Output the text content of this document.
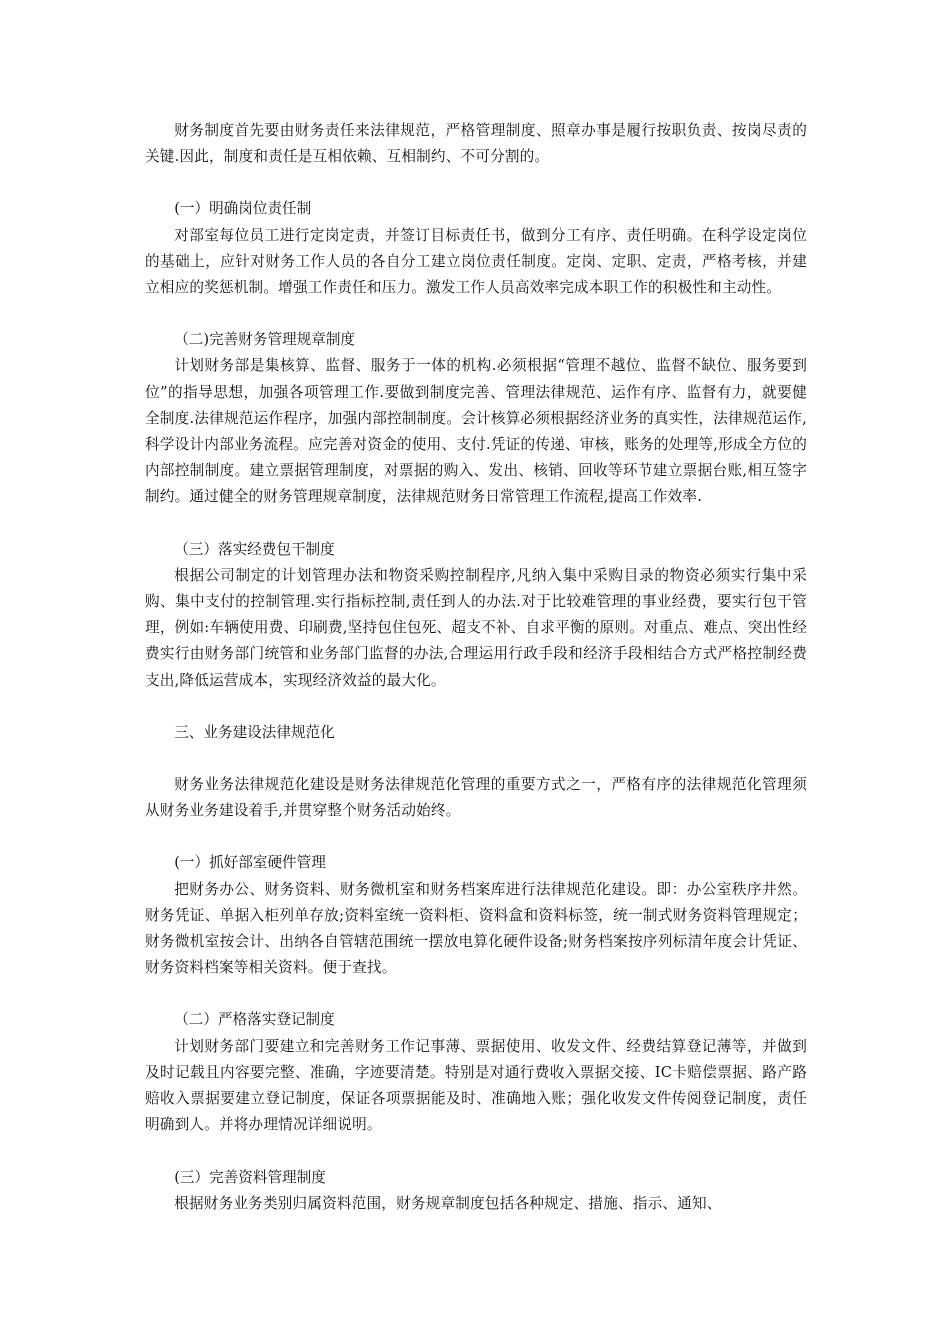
财务制度首先要由财务责任来法律规范，严格管理制度、照章办事是履行按职负责、按岗尽责的关键.因此，制度和责任是互相依赖、互相制约、不可分割的。

(一）明确岗位责任制

对部室每位员工进行定岗定责，并签订目标责任书，做到分工有序、责任明确。在科学设定岗位的基础上，应针对财务工作人员的各自分工建立岗位责任制度。定岗、定职、定责，严格考核，并建立相应的奖惩机制。增强工作责任和压力。激发工作人员高效率完成本职工作的积极性和主动性。

（二)完善财务管理规章制度

计划财务部是集核算、监督、服务于一体的机构.必须根据“管理不越位、监督不缺位、服务要到位”的指导思想，加强各项管理工作.要做到制度完善、管理法律规范、运作有序、监督有力，就要健全制度.法律规范运作程序，加强内部控制制度。会计核算必须根据经济业务的真实性，法律规范运作,科学设计内部业务流程。应完善对资金的使用、支付.凭证的传递、审核，账务的处理等,形成全方位的内部控制制度。建立票据管理制度，对票据的购入、发出、核销、回收等环节建立票据台账,相互签字制约。通过健全的财务管理规章制度，法律规范财务日常管理工作流程,提高工作效率.

（三）落实经费包干制度

根据公司制定的计划管理办法和物资采购控制程序,凡纳入集中采购目录的物资必须实行集中采购、集中支付的控制管理.实行指标控制,责任到人的办法.对于比较难管理的事业经费，要实行包干管理，例如:车辆使用费、印刷费,坚持包住包死、超支不补、自求平衡的原则。对重点、难点、突出性经费实行由财务部门统管和业务部门监督的办法,合理运用行政手段和经济手段相结合方式严格控制经费支出,降低运营成本，实现经济效益的最大化。

三、业务建设法律规范化

财务业务法律规范化建设是财务法律规范化管理的重要方式之一，严格有序的法律规范化管理须从财务业务建设着手,并贯穿整个财务活动始终。

(一）抓好部室硬件管理

把财务办公、财务资料、财务微机室和财务档案库进行法律规范化建设。即：办公室秩序井然。财务凭证、单据入柜列单存放;资料室统一资料柜、资料盒和资料标签，统一制式财务资料管理规定；财务微机室按会计、出纳各自管辖范围统一摆放电算化硬件设备;财务档案按序列标清年度会计凭证、财务资料档案等相关资料。便于查找。

（二）严格落实登记制度

计划财务部门要建立和完善财务工作记事薄、票据使用、收发文件、经费结算登记薄等，并做到及时记载且内容要完整、准确，字迹要清楚。特别是对通行费收入票据交接、IC卡赔偿票据、路产路赔收入票据要建立登记制度，保证各项票据能及时、准确地入账；强化收发文件传阅登记制度，责任明确到人。并将办理情况详细说明。

(三）完善资料管理制度

根据财务业务类别归属资料范围，财务规章制度包括各种规定、措施、指示、通知、
